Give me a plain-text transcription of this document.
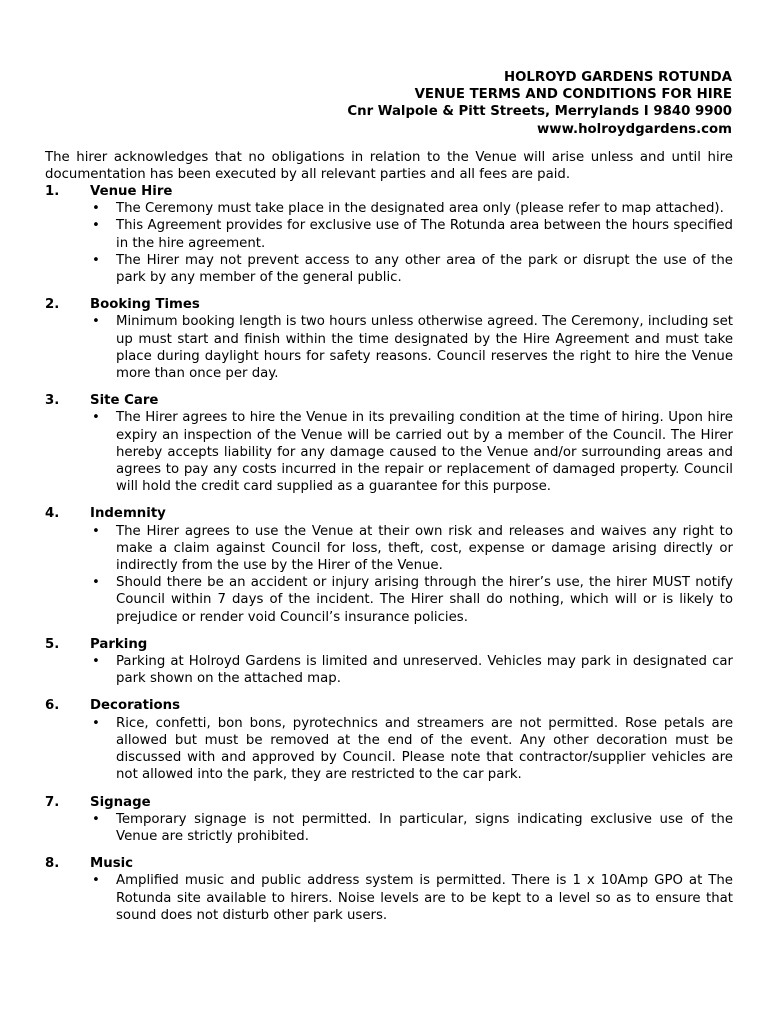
HOLROYD GARDENS ROTUNDA
VENUE TERMS AND CONDITIONS FOR HIRE
Cnr Walpole & Pitt Streets, Merrylands I 9840 9900
www.holroydgardens.com
The hirer acknowledges that no obligations in relation to the Venue will arise unless and until hire documentation has been executed by all relevant parties and all fees are paid.
1.	Venue Hire
• The Ceremony must take place in the designated area only (please refer to map attached).
• This Agreement provides for exclusive use of The Rotunda area between the hours specified in the hire agreement.
• The Hirer may not prevent access to any other area of the park or disrupt the use of the park by any member of the general public.
2.	Booking Times
• Minimum booking length is two hours unless otherwise agreed. The Ceremony, including set up must start and finish within the time designated by the Hire Agreement and must take place during daylight hours for safety reasons. Council reserves the right to hire the Venue more than once per day.
3.	Site Care
• The Hirer agrees to hire the Venue in its prevailing condition at the time of hiring. Upon hire expiry an inspection of the Venue will be carried out by a member of the Council. The Hirer hereby accepts liability for any damage caused to the Venue and/or surrounding areas and agrees to pay any costs incurred in the repair or replacement of damaged property. Council will hold the credit card supplied as a guarantee for this purpose.
4.	Indemnity
• The Hirer agrees to use the Venue at their own risk and releases and waives any right to make a claim against Council for loss, theft, cost, expense or damage arising directly or indirectly from the use by the Hirer of the Venue.
• Should there be an accident or injury arising through the hirer’s use, the hirer MUST notify Council within 7 days of the incident. The Hirer shall do nothing, which will or is likely to prejudice or render void Council’s insurance policies.
5.	Parking
• Parking at Holroyd Gardens is limited and unreserved. Vehicles may park in designated car park shown on the attached map.
6.	Decorations
• Rice, confetti, bon bons, pyrotechnics and streamers are not permitted. Rose petals are allowed but must be removed at the end of the event. Any other decoration must be discussed with and approved by Council. Please note that contractor/supplier vehicles are not allowed into the park, they are restricted to the car park.
7.	Signage
• Temporary signage is not permitted. In particular, signs indicating exclusive use of the Venue are strictly prohibited.
8.	Music
• Amplified music and public address system is permitted. There is 1 x 10Amp GPO at The Rotunda site available to hirers. Noise levels are to be kept to a level so as to ensure that sound does not disturb other park users.
